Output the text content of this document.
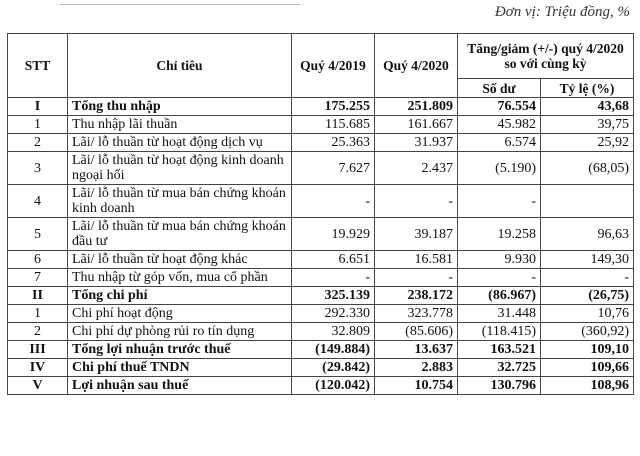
Đơn vị: Triệu đồng, %
STT	Chỉ tiêu	Quý 4/2019	Quý 4/2020	Tăng/giảm (+/-) quý 4/2020 so với cùng kỳ	
				Số dư	Tỷ lệ (%)
I	Tổng thu nhập	175.255	251.809	76.554	43,68
1	Thu nhập lãi thuần	115.685	161.667	45.982	39,75
2	Lãi/ lỗ thuần từ hoạt động dịch vụ	25.363	31.937	6.574	25,92
3	Lãi/ lỗ thuần từ hoạt động kinh doanh ngoại hối	7.627	2.437	(5.190)	(68,05)
4	Lãi/ lỗ thuần từ mua bán chứng khoán kinh doanh	-	-	-	
5	Lãi/ lỗ thuần từ mua bán chứng khoán đầu tư	19.929	39.187	19.258	96,63
6	Lãi/ lỗ thuần từ hoạt động khác	6.651	16.581	9.930	149,30
7	Thu nhập từ góp vốn, mua cổ phần	-	-	-	-
II	Tổng chi phí	325.139	238.172	(86.967)	(26,75)
1	Chi phí hoạt động	292.330	323.778	31.448	10,76
2	Chi phí dự phòng rủi ro tín dụng	32.809	(85.606)	(118.415)	(360,92)
III	Tổng lợi nhuận trước thuế	(149.884)	13.637	163.521	109,10
IV	Chi phí thuế TNDN	(29.842)	2.883	32.725	109,66
V	Lợi nhuận sau thuế	(120.042)	10.754	130.796	108,96
